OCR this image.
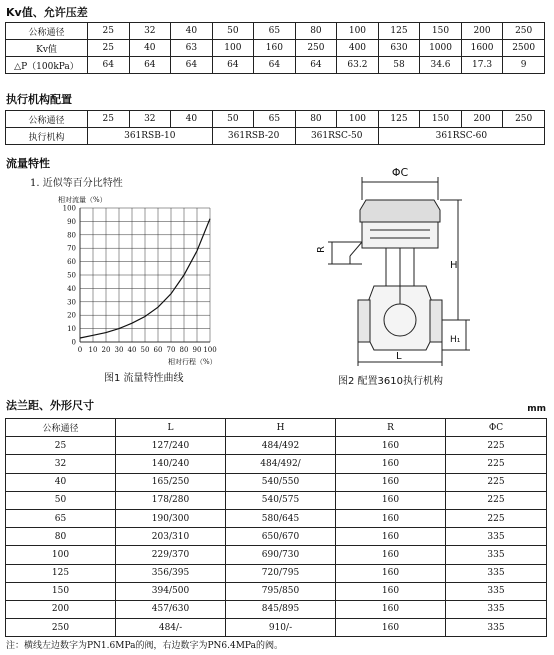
Kv值、允许压差
公称通径	25	32	40	50	65	80	100	125	150	200	250
Kv值	25	40	63	100	160	250	400	630	1000	1600	2500
△P（100kPa）	64	64	64	64	64	64	63.2	58	34.6	17.3	9
执行机构配置
公称通径	25	32	40	50	65	80	100	125	150	200	250
执行机构	361RSB-10			361RSB-20		361RSC-50		361RSC-60			
流量特性
1. 近似等百分比特性
0 10 20 30 40 50 60 70 80 90 100
0
10
20
30
40
50
60
70
80
90
100
相对流量（%）
相对行程（%）
图1 流量特性曲线
ΦC
R
H
H₁
L
图2 配置3610执行机构
法兰距、外形尺寸	mm
公称通径	L	H	R	ΦC
25	127/240	484/492	160	225
32	140/240	484/492/	160	225
40	165/250	540/550	160	225
50	178/280	540/575	160	225
65	190/300	580/645	160	225
80	203/310	650/670	160	335
100	229/370	690/730	160	335
125	356/395	720/795	160	335
150	394/500	795/850	160	335
200	457/630	845/895	160	335
250	484/-	910/-	160	335
注：横线左边数字为PN1.6MPa的阀，右边数字为PN6.4MPa的阀。
